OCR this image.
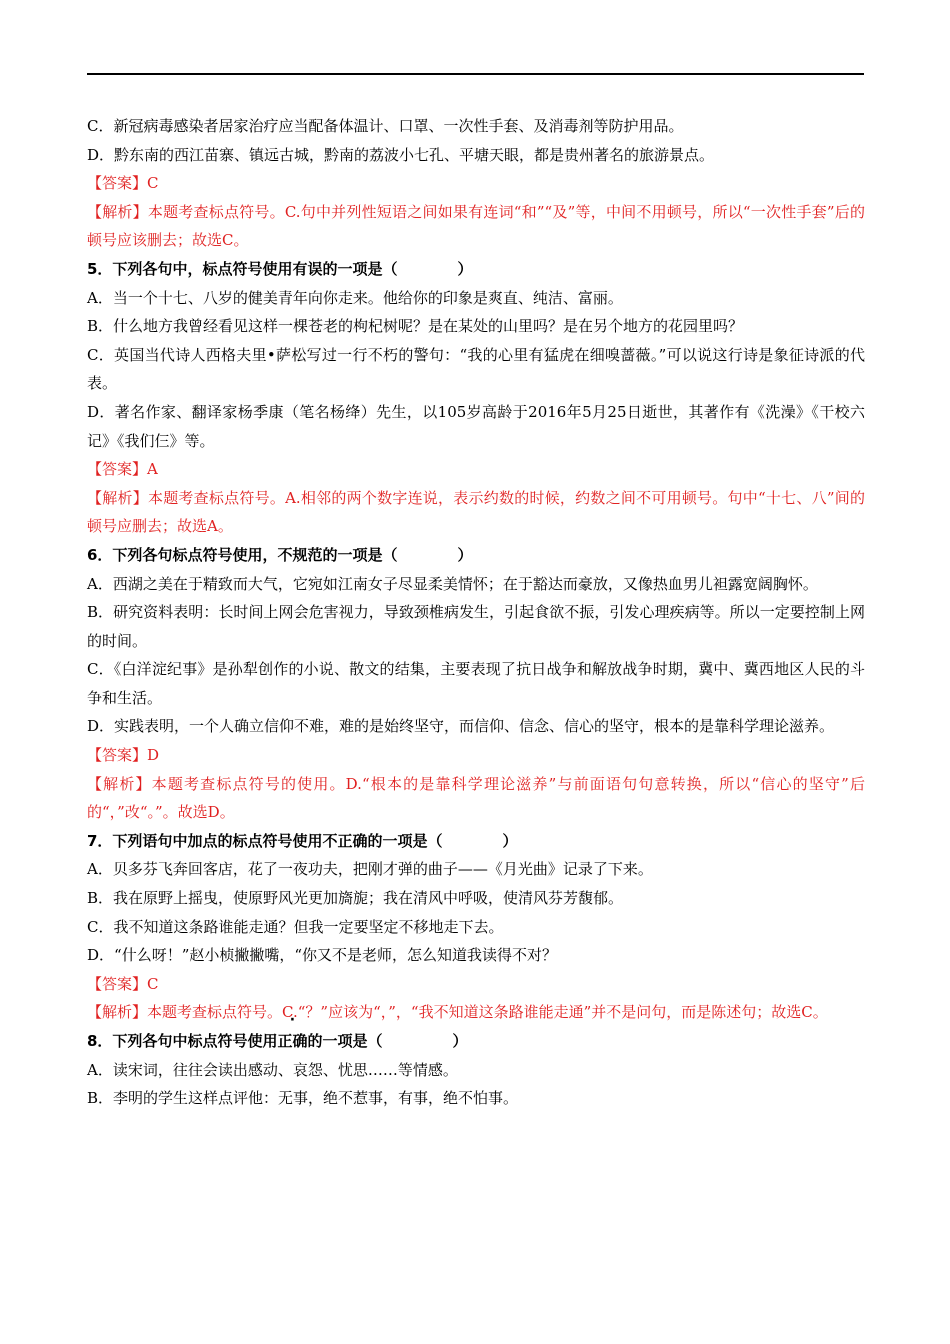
C．新冠病毒感染者居家治疗应当配备体温计、口罩、一次性手套、及消毒剂等防护用品。
D．黔东南的西江苗寨、镇远古城，黔南的荔波小七孔、平塘天眼，都是贵州著名的旅游景点。
【答案】C
【解析】本题考查标点符号。C.句中并列性短语之间如果有连词“和”“及”等，中间不用顿号，所以“一次性手套”后的顿号应该删去；故选C。
5．下列各句中，标点符号使用有误的一项是（	）
A．当一个十七、八岁的健美青年向你走来。他给你的印象是爽直、纯洁、富丽。
B．什么地方我曾经看见这样一棵苍老的枸杞树呢？是在某处的山里吗？是在另个地方的花园里吗？
C．英国当代诗人西格夫里•萨松写过一行不朽的警句：“我的心里有猛虎在细嗅蔷薇。”可以说这行诗是象征诗派的代表。
D．著名作家、翻译家杨季康（笔名杨绛）先生，以105岁高龄于2016年5月25日逝世，其著作有《洗澡》《干校六记》《我们仨》等。
【答案】A
【解析】本题考查标点符号。A.相邻的两个数字连说，表示约数的时候，约数之间不可用顿号。句中“十七、八”间的顿号应删去；故选A。
6．下列各句标点符号使用，不规范的一项是（	）
A．西湖之美在于精致而大气，它宛如江南女子尽显柔美情怀；在于豁达而豪放，又像热血男儿袒露宽阔胸怀。
B．研究资料表明：长时间上网会危害视力，导致颈椎病发生，引起食欲不振，引发心理疾病等。所以一定要控制上网的时间。
C．《白洋淀纪事》是孙犁创作的小说、散文的结集，主要表现了抗日战争和解放战争时期，冀中、冀西地区人民的斗争和生活。
D．实践表明，一个人确立信仰不难，难的是始终坚守，而信仰、信念、信心的坚守，根本的是靠科学理论滋养。
【答案】D
【解析】本题考查标点符号的使用。D.“根本的是靠科学理论滋养”与前面语句句意转换，所以“信心的坚守”后的“，”改“。”。故选D。
7．下列语句中加点的标点符号使用不正确的一项是（	）
A．贝多芬飞奔回客店，花了一夜功夫，把刚才弹的曲子——《月光曲》记录了下来。
B．我在原野上摇曳，使原野风光更加旖旎；我在清风中呼吸，使清风芬芳馥郁。
C．我不知道这条路谁能走通？但我一定要坚定不移地走下去。
D．“什么呀！”赵小桢撇撇嘴，“你又不是老师，怎么知道我读得不对？
【答案】C
【解析】本题考查标点符号。C.“？”应该为“，”，“我不知道这条路谁能走通”并不是问句，而是陈述句；故选C。
8．下列各句中标点符号使用正确的一项是（	）
A．读宋词，往往会读出感动、哀怨、忧思……等情感。
B．李明的学生这样点评他：无事，绝不惹事，有事，绝不怕事。
